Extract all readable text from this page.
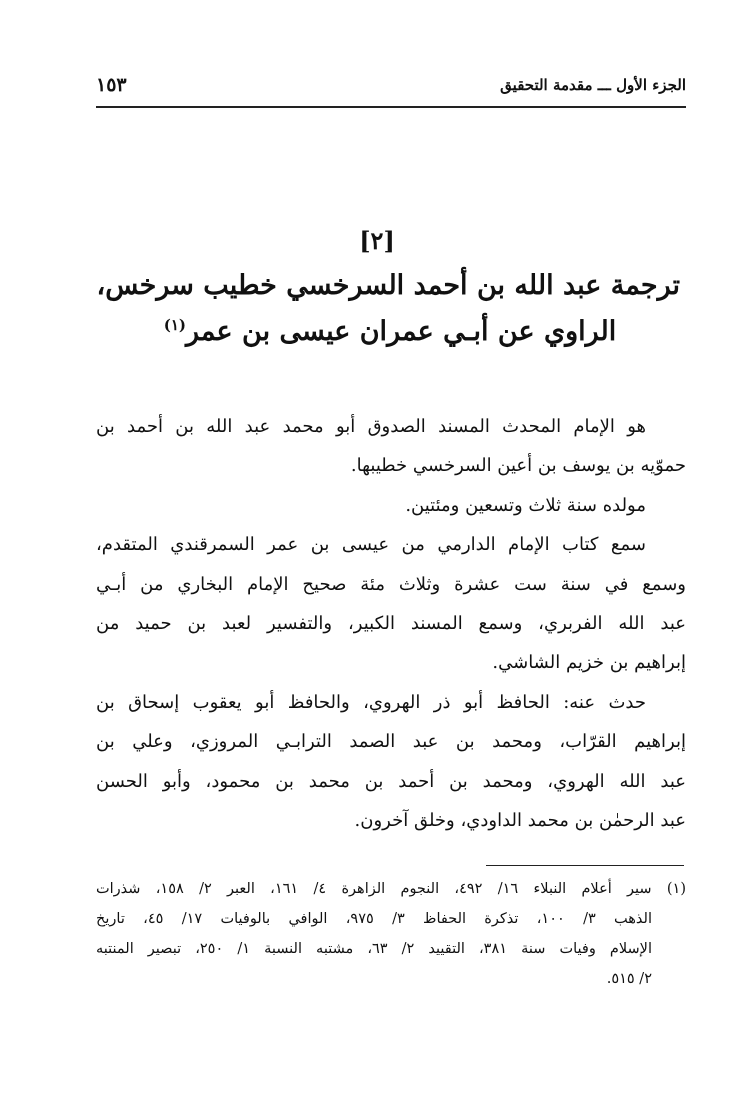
الجزء الأول ـــ مقدمة التحقيق
١٥٣
[٢]
ترجمة عبد الله بن أحمد السرخسي خطيب سرخس،
الراوي عن أبـي عمران عيسى بن عمر$^{(١)}$
هو الإمام المحدث المسند الصدوق أبو محمد عبد الله بن أحمد بن
حموّيه بن يوسف بن أعين السرخسي خطيبها.
مولده سنة ثلاث وتسعين ومئتين.
سمع كتاب الإمام الدارمي من عيسى بن عمر السمرقندي المتقدم،
وسمع في سنة ست عشرة وثلاث مئة صحيح الإمام البخاري من أبـي
عبد الله الفربري، وسمع المسند الكبير، والتفسير لعبد بن حميد من
إبراهيم بن خزيم الشاشي.
حدث عنه: الحافظ أبو ذر الهروي، والحافظ أبو يعقوب إسحاق بن
إبراهيم القرّاب، ومحمد بن عبد الصمد الترابـي المروزي، وعلي بن
عبد الله الهروي، ومحمد بن أحمد بن محمد بن محمود، وأبو الحسن
عبد الرحمٰن بن محمد الداودي، وخلق آخرون.
(١) سير أعلام النبلاء ١٦/ ٤٩٢، النجوم الزاهرة ٤/ ١٦١، العبر ٢/ ١٥٨، شذرات
الذهب ٣/ ١٠٠، تذكرة الحفاظ ٣/ ٩٧٥، الوافي بالوفيات ١٧/ ٤٥، تاريخ
الإسلام وفيات سنة ٣٨١، التقييد ٢/ ٦٣، مشتبه النسبة ١/ ٢٥٠، تبصير المنتبه
٢/ ٥١٥.
